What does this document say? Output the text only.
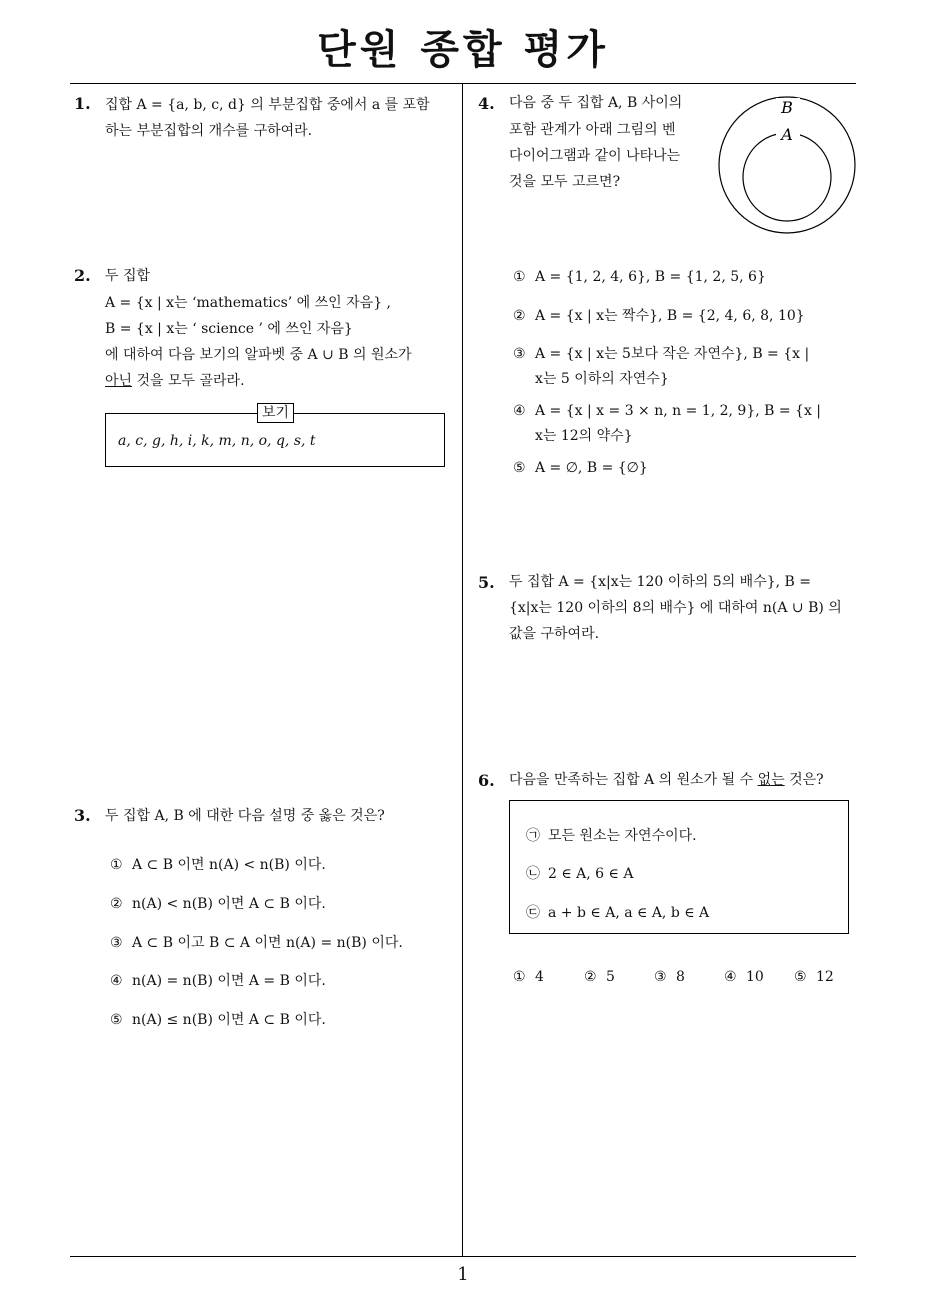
단원 종합 평가
1. 집합 A = {a, b, c, d} 의 부분집합 중에서 a 를 포함
하는 부분집합의 개수를 구하여라.
2. 두 집합
A = {x | x는 ‘mathematics’ 에 쓰인 자음} ,
B = {x | x는 ‘ science ’ 에 쓰인 자음}
에 대하여 다음 보기의 알파벳 중 A ∪ B 의 원소가
아닌 것을 모두 골라라.
보기
a, c, g, h, i, k, m, n, o, q, s, t
3. 두 집합 A, B 에 대한 다음 설명 중 옳은 것은?
① A ⊂ B 이면 n(A) < n(B) 이다.
② n(A) < n(B) 이면 A ⊂ B 이다.
③ A ⊂ B 이고 B ⊂ A 이면 n(A) = n(B) 이다.
④ n(A) = n(B) 이면 A = B 이다.
⑤ n(A) ≤ n(B) 이면 A ⊂ B 이다.
4. 다음 중 두 집합 A, B 사이의
포함 관계가 아래 그림의 벤
다이어그램과 같이 나타나는
것을 모두 고르면?
B
A
① A = {1, 2, 4, 6}, B = {1, 2, 5, 6}
② A = {x | x는 짝수}, B = {2, 4, 6, 8, 10}
③ A = {x | x는 5보다 작은 자연수}, B = {x |
x는 5 이하의 자연수}
④ A = {x | x = 3 × n, n = 1, 2, 9}, B = {x |
x는 12의 약수}
⑤ A = ∅, B = {∅}
5. 두 집합 A = {x|x는 120 이하의 5의 배수}, B =
{x|x는 120 이하의 8의 배수} 에 대하여 n(A ∪ B) 의
값을 구하여라.
6. 다음을 만족하는 집합 A 의 원소가 될 수 없는 것은?
㉠ 모든 원소는 자연수이다.
㉡ 2 ∈ A, 6 ∈ A
㉢ a + b ∈ A, a ∈ A, b ∈ A
① 4	② 5	③ 8	④ 10 ⑤ 12
1
